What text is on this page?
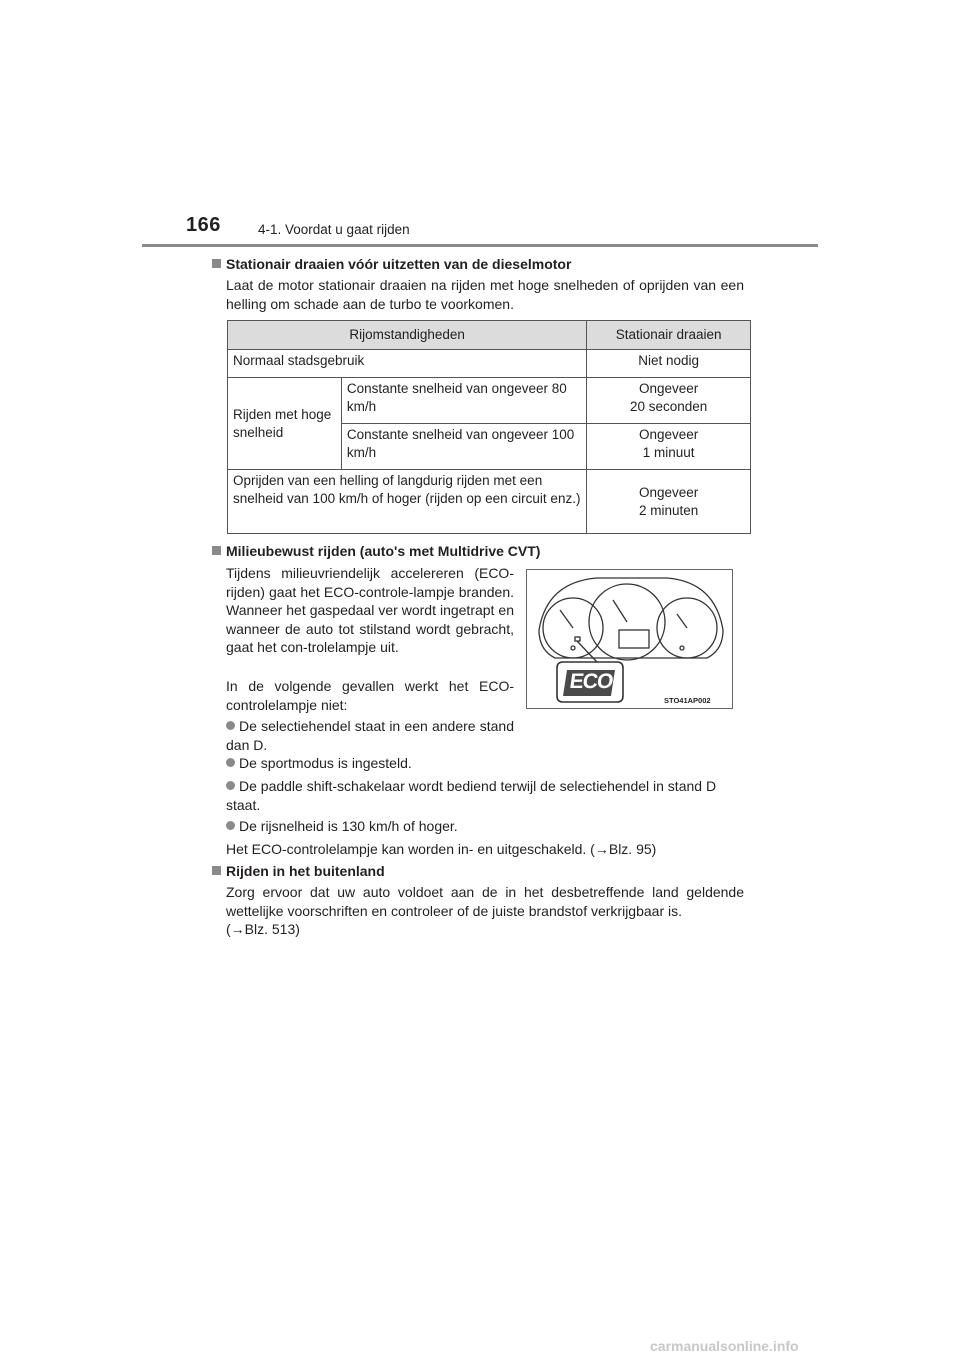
166	4-1. Voordat u gaat rijden
Stationair draaien vóór uitzetten van de dieselmotor
Laat de motor stationair draaien na rijden met hoge snelheden of oprijden van een helling om schade aan de turbo te voorkomen.
Rijomstandigheden		Stationair draaien
Normaal stadsgebruik		Niet nodig
Rijden met hoge snelheid	Constante snelheid van ongeveer 80 km/h	Ongeveer
20 seconden

	Constante snelheid van ongeveer 100 km/h	Ongeveer
1 minuut

Oprijden van een helling of langdurig rijden met een snelheid van 100 km/h of hoger (rijden op een circuit enz.)		Ongeveer
2 minuten
Milieubewust rijden (auto's met Multidrive CVT)
Tijdens milieuvriendelijk accelereren (ECO-rijden) gaat het ECO-controle-lampje branden. Wanneer het gaspedaal ver wordt ingetrapt en wanneer de auto tot stilstand wordt gebracht, gaat het con-trolelampje uit.
In de volgende gevallen werkt het ECO-controlelampje niet:
De selectiehendel staat in een andere stand dan D.
De sportmodus is ingesteld.
De paddle shift-schakelaar wordt bediend terwijl de selectiehendel in stand D staat.
De rijsnelheid is 130 km/h of hoger.
Het ECO-controlelampje kan worden in- en uitgeschakeld. (→Blz. 95)
ECO
STO41AP002
Rijden in het buitenland
Zorg ervoor dat uw auto voldoet aan de in het desbetreffende land geldende wettelijke voorschriften en controleer of de juiste brandstof verkrijgbaar is.
(→Blz. 513)
carmanualsonline.info
